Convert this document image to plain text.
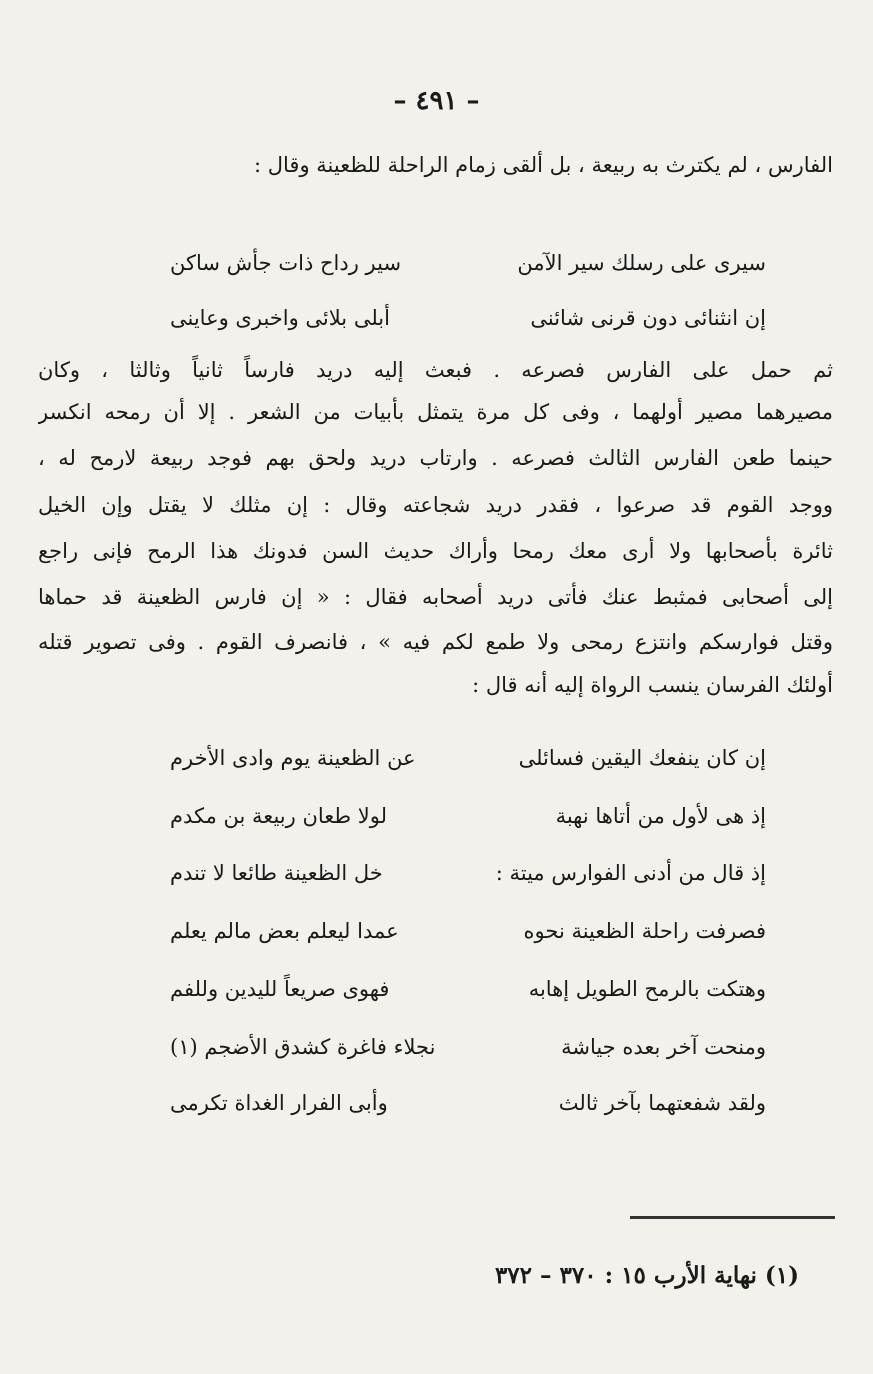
– ٤٩١ –
الفارس ، لم يكترث به ربيعة ، بل ألقى زمام الراحلة للظعينة وقال :
سيرى على رسلك سير الآمن
سير رداح ذات جأش ساكن
إن انثنائى دون قرنى شائنى
أبلى بلائى واخبرى وعاينى
ثم حمل على الفارس فصرعه . فبعث إليه دريد فارساً ثانياً وثالثا ، وكان
مصيرهما مصير أولهما ، وفى كل مرة يتمثل بأبيات من الشعر . إلا أن رمحه انكسر
حينما طعن الفارس الثالث فصرعه . وارتاب دريد ولحق بهم فوجد ربيعة لارمح له ،
ووجد القوم قد صرعوا ، فقدر دريد شجاعته وقال : إن مثلك لا يقتل وإن الخيل
ثائرة بأصحابها ولا أرى معك رمحا وأراك حديث السن فدونك هذا الرمح فإنى راجع
إلى أصحابى فمثبط عنك فأتى دريد أصحابه فقال : « إن فارس الظعينة قد حماها
وقتل فوارسكم وانتزع رمحى ولا طمع لكم فيه » ، فانصرف القوم . وفى تصوير قتله
أولئك الفرسان ينسب الرواة إليه أنه قال :
إن كان ينفعك اليقين فسائلى
عن الظعينة يوم وادى الأخرم
إذ هى لأول من أتاها نهبة
لولا طعان ربيعة بن مكدم
إذ قال من أدنى الفوارس ميتة :
خل الظعينة طائعا لا تندم
فصرفت راحلة الظعينة نحوه
عمدا ليعلم بعض مالم يعلم
وهتكت بالرمح الطويل إهابه
فهوى صريعاً لليدين وللفم
ومنحت آخر بعده جياشة
نجلاء فاغرة كشدق الأضجم (١)
ولقد شفعتهما بآخر ثالث
وأبى الفرار الغداة تكرمى
(١) نهاية الأرب ١٥ : ٣٧٠ – ٣٧٢
